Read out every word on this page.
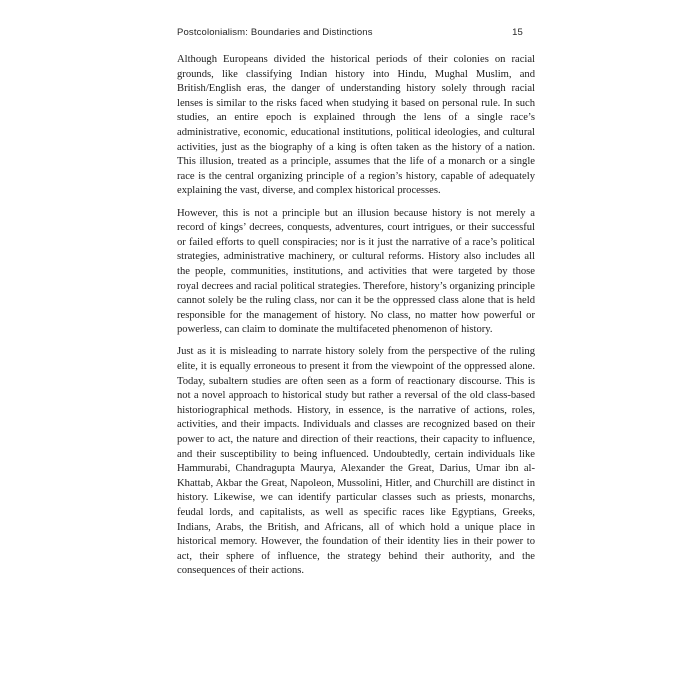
Postcolonialism: Boundaries and Distinctions	15

Although Europeans divided the historical periods of their colonies on racial grounds, like classifying Indian history into Hindu, Mughal Muslim, and British/English eras, the danger of understanding history solely through racial lenses is similar to the risks faced when studying it based on personal rule. In such studies, an entire epoch is explained through the lens of a single race’s administrative, economic, educational institutions, political ideologies, and cultural activities, just as the biography of a king is often taken as the history of a nation. This illusion, treated as a principle, assumes that the life of a monarch or a single race is the central organizing principle of a region’s history, capable of adequately explaining the vast, diverse, and complex historical processes.

However, this is not a principle but an illusion because history is not merely a record of kings’ decrees, conquests, adventures, court intrigues, or their successful or failed efforts to quell conspiracies; nor is it just the narrative of a race’s political strategies, administrative machinery, or cultural reforms. History also includes all the people, communities, institutions, and activities that were targeted by those royal decrees and racial political strategies. Therefore, history’s organizing principle cannot solely be the ruling class, nor can it be the oppressed class alone that is held responsible for the management of history. No class, no matter how powerful or powerless, can claim to dominate the multifaceted phenomenon of history.

Just as it is misleading to narrate history solely from the perspective of the ruling elite, it is equally erroneous to present it from the viewpoint of the oppressed alone. Today, subaltern studies are often seen as a form of reactionary discourse. This is not a novel approach to historical study but rather a reversal of the old class-based historiographical methods. History, in essence, is the narrative of actions, roles, activities, and their impacts. Individuals and classes are recognized based on their power to act, the nature and direction of their reactions, their capacity to influence, and their susceptibility to being influenced. Undoubtedly, certain individuals like Hammurabi, Chandragupta Maurya, Alexander the Great, Darius, Umar ibn al-Khattab, Akbar the Great, Napoleon, Mussolini, Hitler, and Churchill are distinct in history. Likewise, we can identify particular classes such as priests, monarchs, feudal lords, and capitalists, as well as specific races like Egyptians, Greeks, Indians, Arabs, the British, and Africans, all of which hold a unique place in historical memory. However, the foundation of their identity lies in their power to act, their sphere of influence, the strategy behind their authority, and the consequences of their actions.
